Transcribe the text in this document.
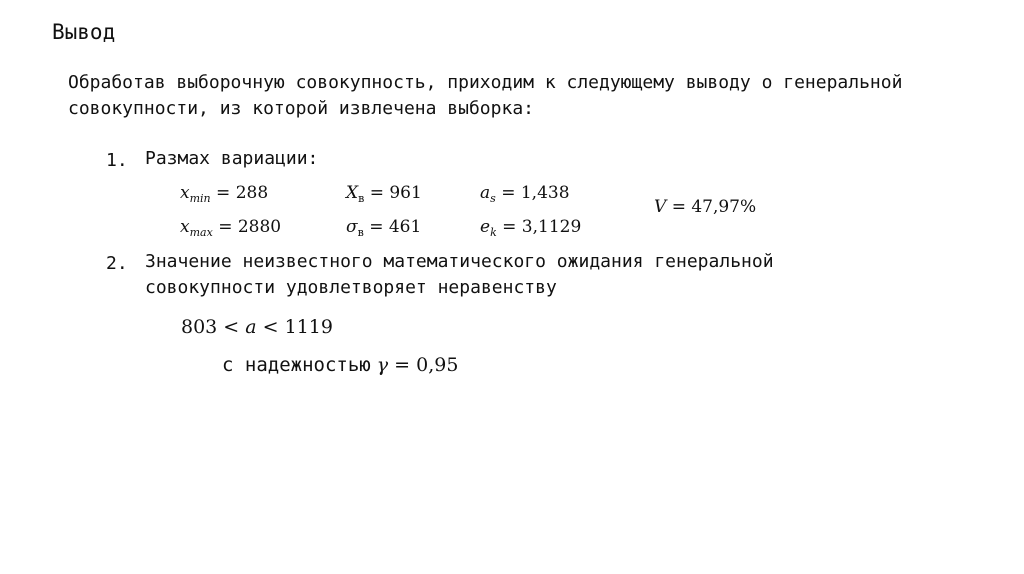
Вывод
Обработав выборочную совокупность, приходим к следующему выводу о генеральной совокупности, из которой извлечена выборка:
1. Размах вариации:
$x_{min} = 288$
$x_{max} = 2880$
$X_в = 961$
$\sigma_в = 461$
$a_s = 1,438$
$e_k = 3,1129$
V = 47,97%
2. Значение неизвестного математического ожидания генеральной
совокупности удовлетворяет неравенству
803 < a < 1119
с надежностью γ = 0,95
